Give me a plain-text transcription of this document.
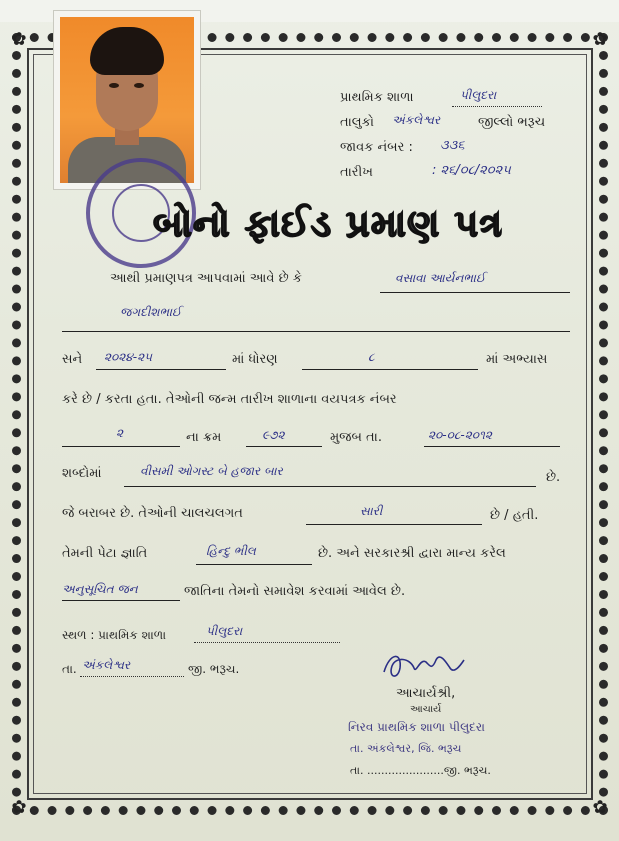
✿	✿
✿	✿
પ્રાથમિક શાળા	પીલુદરા
તાલુકો અંકલેશ્વર	જીલ્લો ભરૂચ
જાવક નંબર : ૩૩૬
તારીખ	: ૨૬/૦૮/૨૦૨૫
બોનો ફાઈડ પ્રમાણ પત્ર
આથી પ્રમાણપત્ર આપવામાં આવે છે કે	વસાવા આર્યનભાઈ
જગદીશભાઈ
સને ૨૦૨૪-૨૫	માં ધોરણ	૮	માં અભ્યાસ
કરે છે / કરતા હતા. તેઓની જન્મ તારીખ શાળાના વયપત્રક નંબર
૨	ના ક્રમ	૯૭૨	મુજબ તા.	૨૦-૦૮-૨૦૧૨
શબ્દોમાં	વીસમી ઓગસ્ટ બે હજાર બાર	છે.
જે બરાબર છે. તેઓની ચાલચલગત	સારી	છે / હતી.
તેમની પેટા જ્ઞાતિ	હિન્દુ ભીલ	છે. અને સરકારશ્રી દ્વારા માન્ય કરેલ
અનુસૂચિત જન	જાતિના તેમનો સમાવેશ કરવામાં આવેલ છે.
સ્થળ : પ્રાથમિક શાળા	પીલુદરા
તા. અંકલેશ્વર	જી. ભરૂચ.
આચાર્યશ્રી,
આચાર્ય
નિરવ પ્રાથમિક શાળા પીલુદરા
તા. અંકલેશ્વર, જિ. ભરૂચ
તા. ......................જી. ભરૂચ.
